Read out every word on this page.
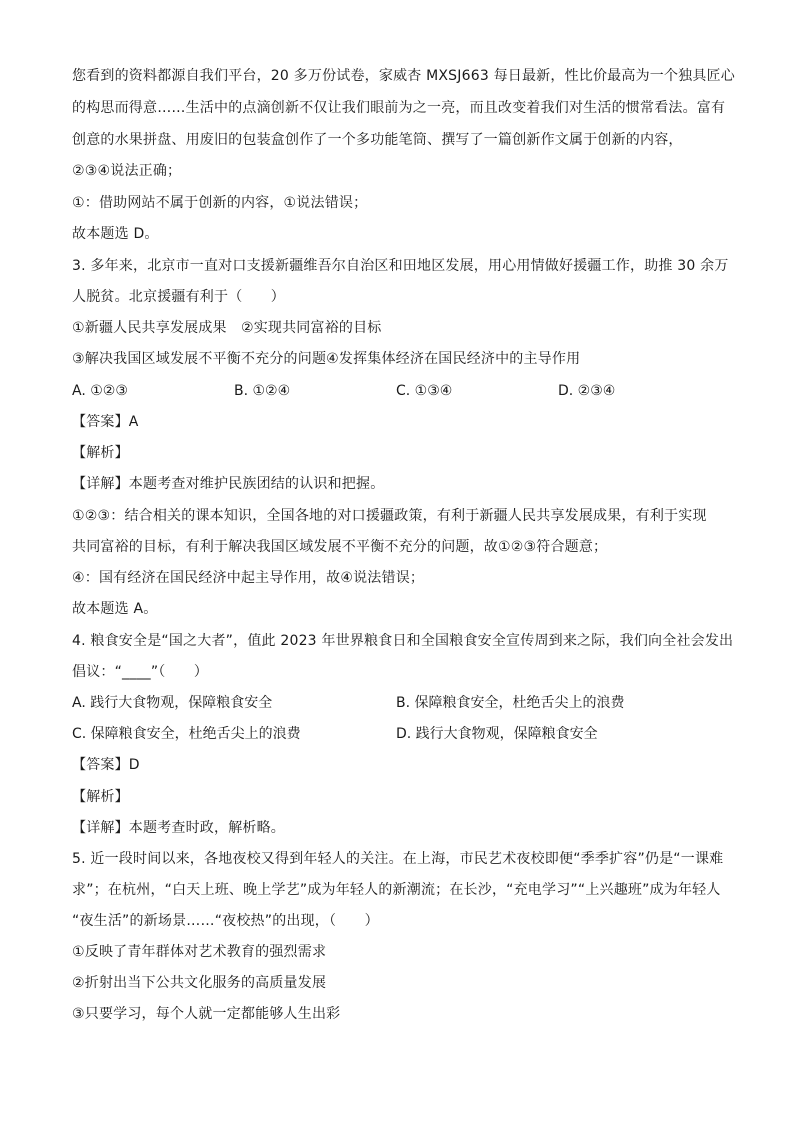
您看到的资料都源自我们平台，20 多万份试卷，家威杏 MXSJ663 每日最新，性比价最高为一个独具匠心
的构思而得意……生活中的点滴创新不仅让我们眼前为之一亮，而且改变着我们对生活的惯常看法。富有
创意的水果拼盘、用废旧的包装盒创作了一个多功能笔筒、撰写了一篇创新作文属于创新的内容，
②③④说法正确；
①：借助网站不属于创新的内容，①说法错误；
故本题选 D。
3. 多年来，北京市一直对口支援新疆维吾尔自治区和田地区发展，用心用情做好援疆工作，助推 30 余万
人脱贫。北京援疆有利于（　　）
①新疆人民共享发展成果　②实现共同富裕的目标
③解决我国区域发展不平衡不充分的问题④发挥集体经济在国民经济中的主导作用
A. ①②③	B. ①②④	C. ①③④	D. ②③④
【答案】A
【解析】
【详解】本题考查对维护民族团结的认识和把握。
①②③：结合相关的课本知识，全国各地的对口援疆政策，有利于新疆人民共享发展成果，有利于实现
共同富裕的目标，有利于解决我国区域发展不平衡不充分的问题，故①②③符合题意；
④：国有经济在国民经济中起主导作用，故④说法错误；
故本题选 A。
4. 粮食安全是“国之大者”，值此 2023 年世界粮食日和全国粮食安全宣传周到来之际，我们向全社会发出
倡议：“____”（　　）
A. 践行大食物观，保障粮食安全	B. 保障粮食安全，杜绝舌尖上的浪费
C. 保障粮食安全，杜绝舌尖上的浪费	D. 践行大食物观，保障粮食安全
【答案】D
【解析】
【详解】本题考查时政，解析略。
5. 近一段时间以来，各地夜校又得到年轻人的关注。在上海，市民艺术夜校即便“季季扩容”仍是“一课难
求”；在杭州，“白天上班、晚上学艺”成为年轻人的新潮流；在长沙，“充电学习”“上兴趣班”成为年轻人
“夜生活”的新场景……“夜校热”的出现，（　　）
①反映了青年群体对艺术教育的强烈需求
②折射出当下公共文化服务的高质量发展
③只要学习，每个人就一定都能够人生出彩
